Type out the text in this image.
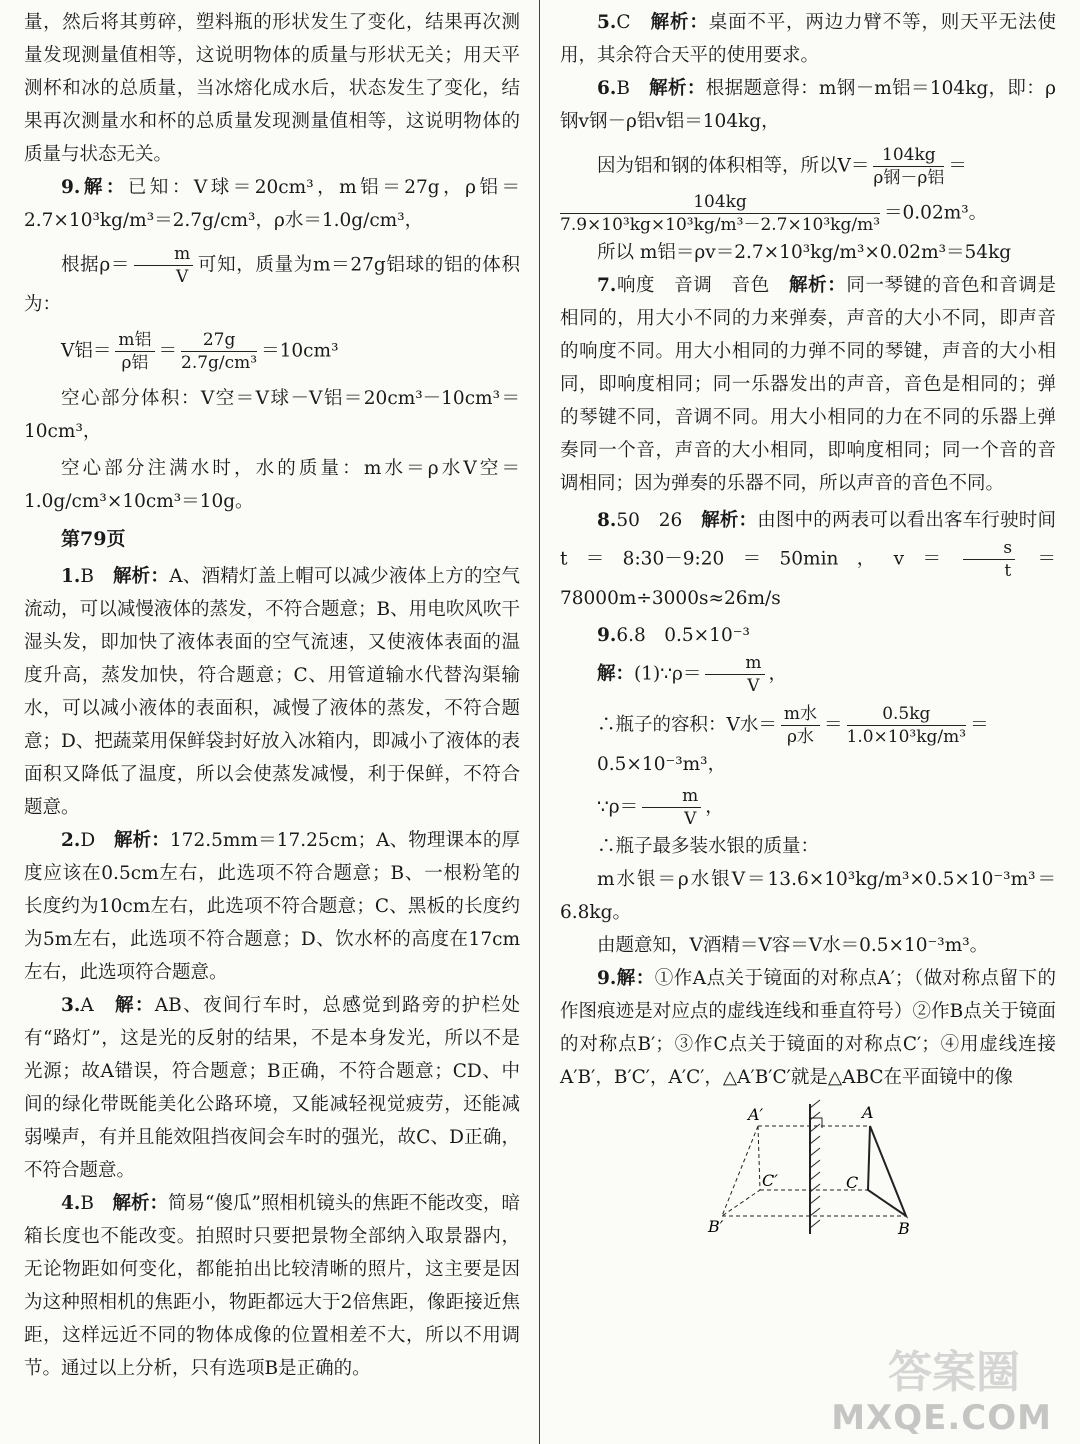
量，然后将其剪碎，塑料瓶的形状发生了变化，结果再次测量发现测量值相等，这说明物体的质量与形状无关；用天平测杯和冰的总质量，当冰熔化成水后，状态发生了变化，结果再次测量水和杯的总质量发现测量值相等，这说明物体的质量与状态无关。

9.解：已知：V球＝20cm³，m铝＝27g，ρ铝＝2.7×10³kg/m³＝2.7g/cm³，ρ水＝1.0g/cm³，

根据$\rho= \frac{m}{V}$ 可知，质量为m＝27g铝球的铝的体积为：

V铝＝ $\frac{\text{m铝}}{\text{ρ铝}} = \frac{27g}{\text{2.7g/cm³}} =10cm^3$

空心部分体积：V空＝V球－V铝＝20cm³－10cm³＝10cm³，

空心部分注满水时，水的质量：m水＝ρ水V空＝1.0g/cm³×10cm³＝10g。

第79页

1.B　 解析：A、酒精灯盖上帽可以减少液体上方的空气流动，可以减慢液体的蒸发，不符合题意；B、用电吹风吹干湿头发，即加快了液体表面的空气流速，又使液体表面的温度升高，蒸发加快，符合题意；C、用管道输水代替沟渠输水，可以减小液体的表面积，减慢了液体的蒸发，不符合题意；D、把蔬菜用保鲜袋封好放入冰箱内，即减小了液体的表面积又降低了温度，所以会使蒸发减慢，利于保鲜，不符合题意。

2.D　 解析：172.5mm＝17.25cm；A、物理课本的厚度应该在0.5cm左右，此选项不符合题意；B、一根粉笔的长度约为10cm左右，此选项不符合题意；C、黑板的长度约为5m左右，此选项不符合题意；D、饮水杯的高度在17cm左右，此选项符合题意。

3.A　 解：AB、夜间行车时，总感觉到路旁的护栏处有“路灯”，这是光的反射的结果，不是本身发光，所以不是光源；故A错误，符合题意；B正确，不符合题意；CD、中间的绿化带既能美化公路环境，又能减轻视觉疲劳，还能减弱噪声，有并且能效阻挡夜间会车时的强光，故C、D正确，不符合题意。

4.B　 解析：简易“傻瓜”照相机镜头的焦距不能改变，暗箱长度也不能改变。拍照时只要把景物全部纳入取景器内，无论物距如何变化，都能拍出比较清晰的照片，这主要是因为这种照相机的焦距小，物距都远大于2倍焦距，像距接近焦距，这样远近不同的物体成像的位置相差不大，所以不用调节。通过以上分析，只有选项B是正确的。

5.C　 解析：桌面不平，两边力臂不等，则天平无法使用，其余符合天平的使用要求。

6.B　 解析：根据题意得：m钢－m铝＝104kg，即：ρ钢v钢－ρ铝v铝＝104kg，

因为铝和钢的体积相等，所以$V= \frac{104kg}{\text{ρ钢－ρ铝}}$ ＝
$\frac{104kg}{\text{7.9×10³kg×10³kg/m³－2.7×10³kg/m³}} =0.02m^3$。

所以 m铝＝ρv＝2.7×10³kg/m³×0.02m³＝54kg

7.响度　音调　音色　 解析：同一琴键的音色和音调是相同的，用大小不同的力来弹奏，声音的大小不同，即声音的响度不同。用大小相同的力弹不同的琴键，声音的大小相同，即响度相同；同一乐器发出的声音，音色是相同的；弹的琴键不同，音调不同。用大小相同的力在不同的乐器上弹奏同一个音，声音的大小相同，即响度相同；同一个音的音调相同；因为弹奏的乐器不同，所以声音的音色不同。

8.50　26　 解析：由图中的两表可以看出客车行驶时间 t＝8:30－9:20＝50min，$v= \frac{s}{t} =78000m\div 3000s\approx 26m/s$

9.6.8　0.5×10⁻³

解：(1)∵ρ＝ $\frac{m}{V}$ ，

∴瓶子的容积：V水＝ $\frac{\text{m水}}{\text{ρ水}} = \frac{0.5kg}{\text{1.0×10³kg/m³}} =0.5\times 10^{-3}m^3$，

∵ρ＝ $\frac{m}{V}$ ，

∴瓶子最多装水银的质量：

m水银＝ρ水银V＝13.6×10³kg/m³×0.5×10⁻³m³＝6.8kg。

由题意知，V酒精＝V容＝V水＝0.5×10⁻³m³。

9.解：①作A点关于镜面的对称点A′；（做对称点留下的作图痕迹是对应点的虚线连线和垂直符号）②作B点关于镜面的对称点B′；③作C点关于镜面的对称点C′；④用虚线连接A′B′，B′C′，A′C′，△A′B′C′就是△ABC在平面镜中的像

A′	A
C′	C
B′	B
答案圈
MXQE.COM
